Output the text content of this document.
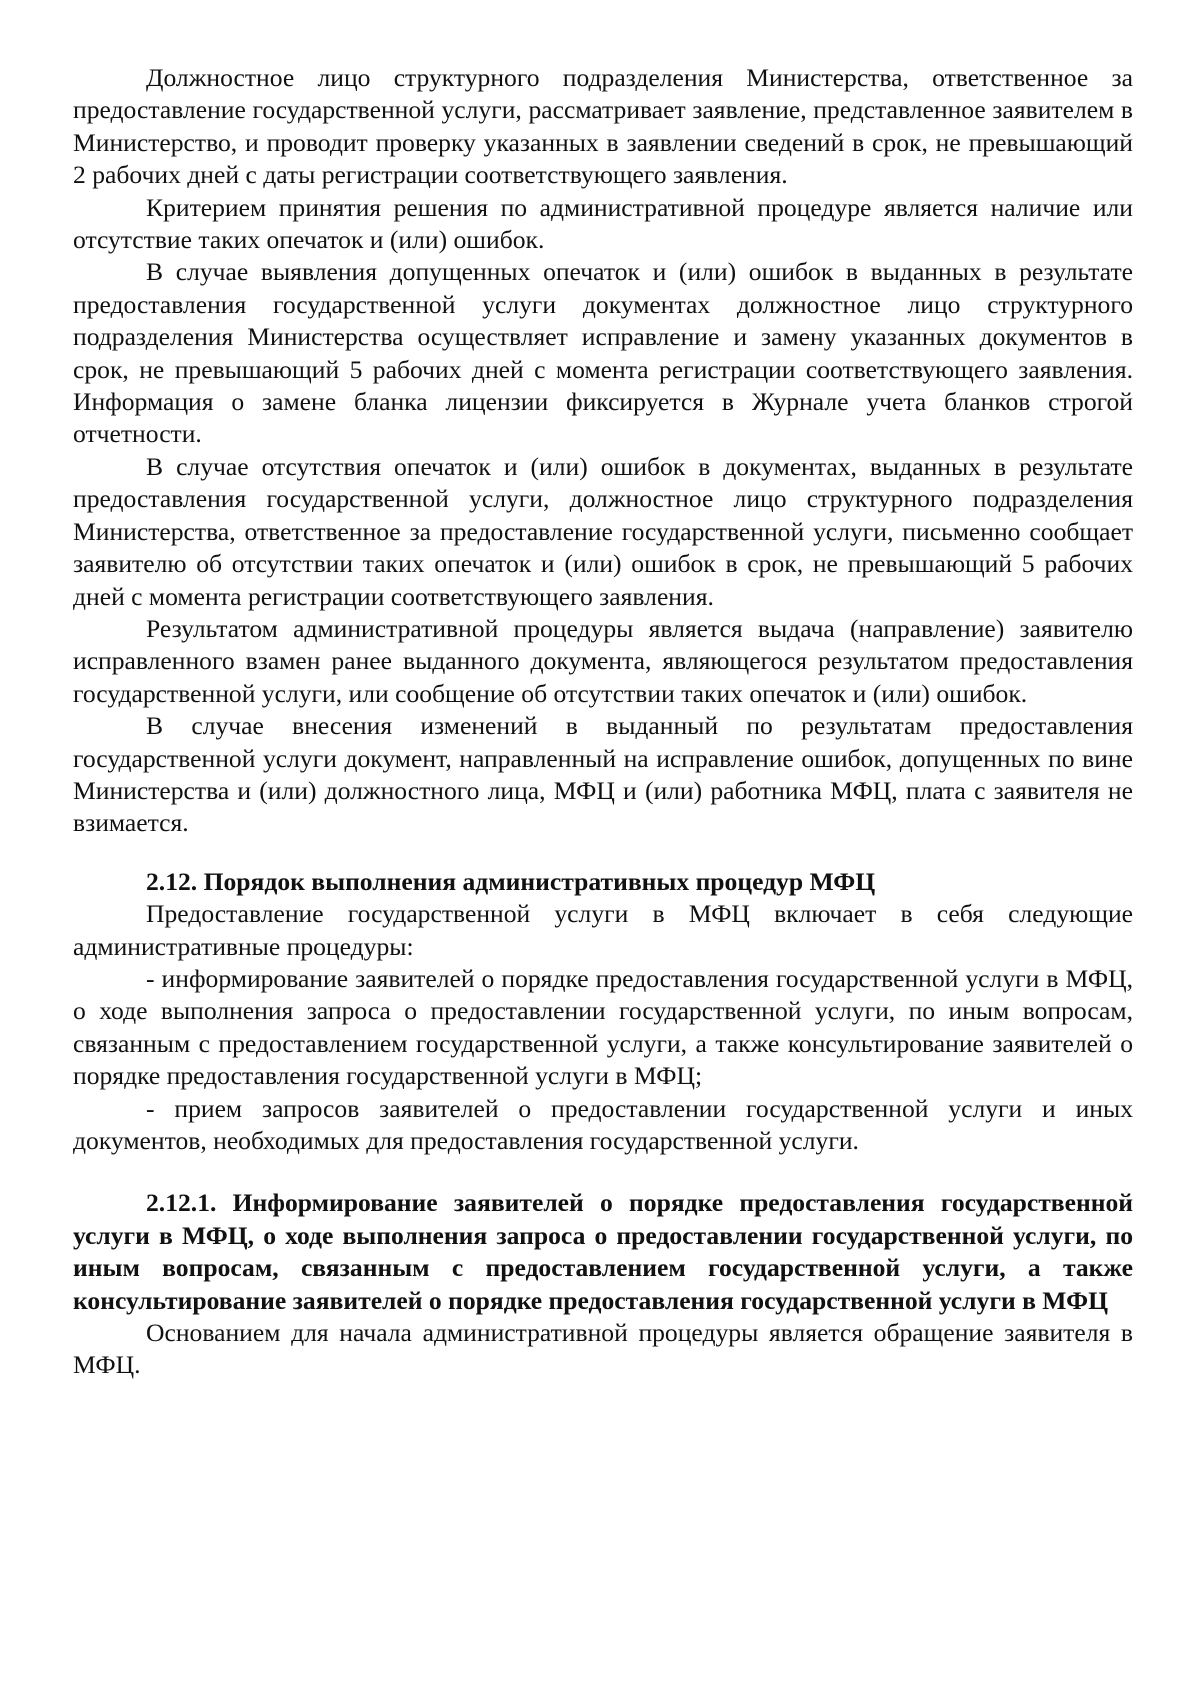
Должностное лицо структурного подразделения Министерства, ответственное за предоставление государственной услуги, рассматривает заявление, представленное заявителем в Министерство, и проводит проверку указанных в заявлении сведений в срок, не превышающий 2 рабочих дней с даты регистрации соответствующего заявления.

Критерием принятия решения по административной процедуре является наличие или отсутствие таких опечаток и (или) ошибок.

В случае выявления допущенных опечаток и (или) ошибок в выданных в результате предоставления государственной услуги документах должностное лицо структурного подразделения Министерства осуществляет исправление и замену указанных документов в срок, не превышающий 5 рабочих дней с момента регистрации соответствующего заявления. Информация о замене бланка лицензии фиксируется в Журнале учета бланков строгой отчетности.

В случае отсутствия опечаток и (или) ошибок в документах, выданных в результате предоставления государственной услуги, должностное лицо структурного подразделения Министерства, ответственное за предоставление государственной услуги, письменно сообщает заявителю об отсутствии таких опечаток и (или) ошибок в срок, не превышающий 5 рабочих дней с момента регистрации соответствующего заявления.

Результатом административной процедуры является выдача (направление) заявителю исправленного взамен ранее выданного документа, являющегося результатом предоставления государственной услуги, или сообщение об отсутствии таких опечаток и (или) ошибок.

В случае внесения изменений в выданный по результатам предоставления государственной услуги документ, направленный на исправление ошибок, допущенных по вине Министерства и (или) должностного лица, МФЦ и (или) работника МФЦ, плата с заявителя не взимается.

2.12. Порядок выполнения административных процедур МФЦ

Предоставление государственной услуги в МФЦ включает в себя следующие административные процедуры:

- информирование заявителей о порядке предоставления государственной услуги в МФЦ, о ходе выполнения запроса о предоставлении государственной услуги, по иным вопросам, связанным с предоставлением государственной услуги, а также консультирование заявителей о порядке предоставления государственной услуги в МФЦ;

- прием запросов заявителей о предоставлении государственной услуги и иных документов, необходимых для предоставления государственной услуги.

2.12.1. Информирование заявителей о порядке предоставления государственной услуги в МФЦ, о ходе выполнения запроса о предоставлении государственной услуги, по иным вопросам, связанным с предоставлением государственной услуги, а также консультирование заявителей о порядке предоставления государственной услуги в МФЦ

Основанием для начала административной процедуры является обращение заявителя в МФЦ.
